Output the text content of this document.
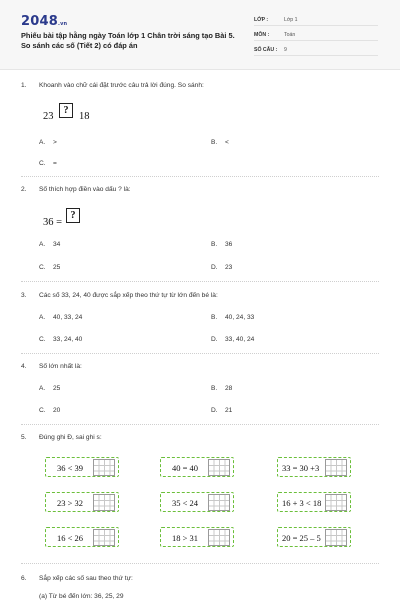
2048.vn
Phiếu bài tập hằng ngày Toán lớp 1 Chân trời sáng tạo Bài 5. So sánh các số (Tiết 2) có đáp án
LỚP :	Lớp 1
MÔN :	Toán
SỐ CÂU : 9
1. Khoanh vào chữ cái đặt trước câu trả lời đúng. So sánh:
23
?
18
A. >	B. <
C. =
2. Số thích hợp điền vào dấu ? là:
36 =
?
A. 34	B. 36
C. 25	D. 23
3. Các số 33, 24, 40 được sắp xếp theo thứ tự từ lớn đến bé là:
A. 40, 33, 24	B. 40, 24, 33
C. 33, 24, 40	D. 33, 40, 24
4. Số lớn nhất là:
A. 25	B. 28
C. 20	D. 21
5. Đúng ghi Đ, sai ghi s:
36 < 39	40 = 40	33 = 30 +3
23 > 32	35 < 24	16 + 3 < 18
16 < 26	18 > 31	20 = 25 – 5
6. Sắp xếp các số sau theo thứ tự:
(a) Từ bé đến lớn: 36, 25, 29
